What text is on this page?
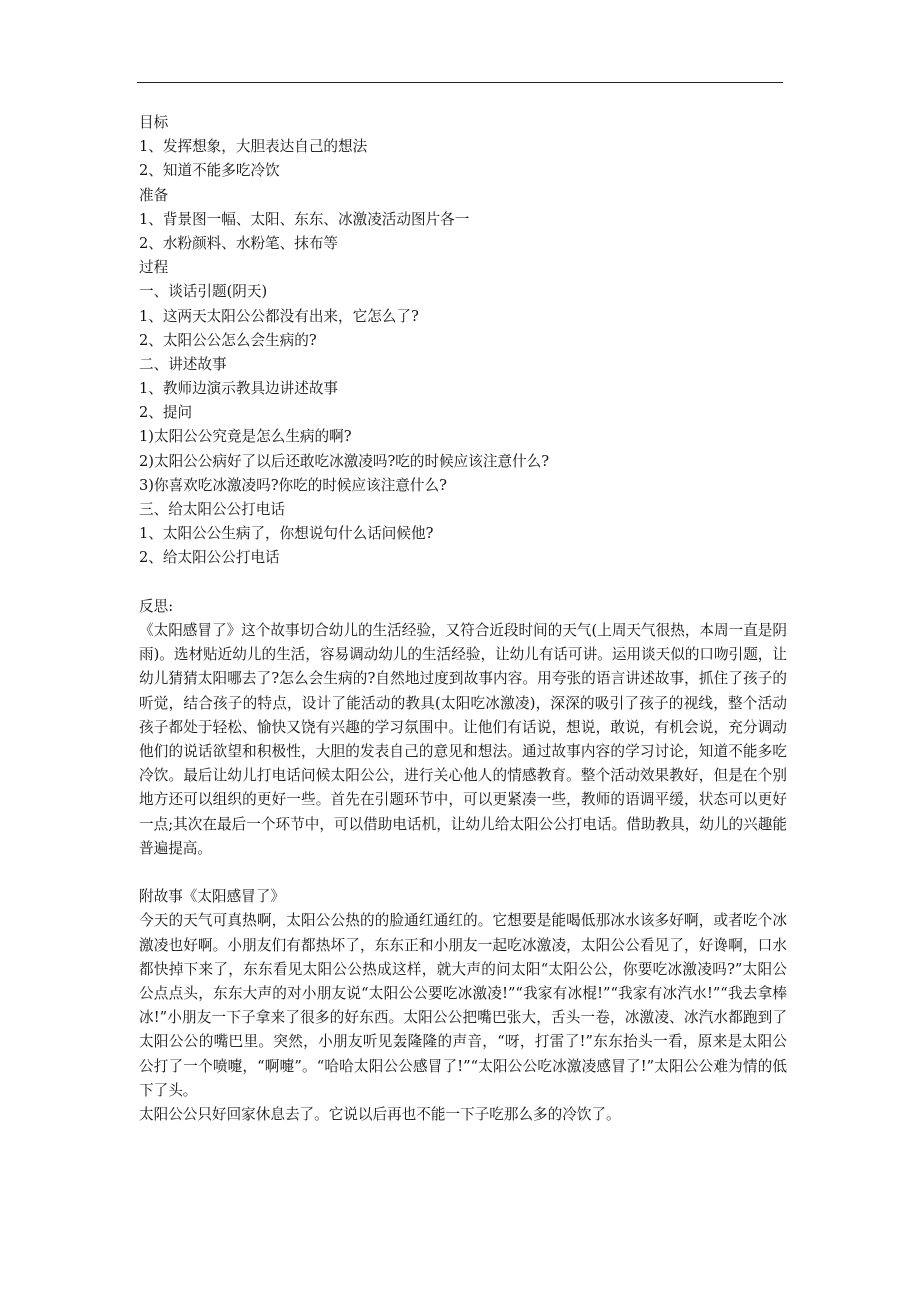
目标
1、发挥想象，大胆表达自己的想法
2、知道不能多吃冷饮
准备
1、背景图一幅、太阳、东东、冰激凌活动图片各一
2、水粉颜料、水粉笔、抹布等
过程
一、谈话引题(阴天)
1、这两天太阳公公都没有出来，它怎么了?
2、太阳公公怎么会生病的?
二、讲述故事
1、教师边演示教具边讲述故事
2、提问
1)太阳公公究竟是怎么生病的啊?
2)太阳公公病好了以后还敢吃冰激凌吗?吃的时候应该注意什么?
3)你喜欢吃冰激凌吗?你吃的时候应该注意什么?
三、给太阳公公打电话
1、太阳公公生病了，你想说句什么话问候他?
2、给太阳公公打电话
反思:

《太阳感冒了》这个故事切合幼儿的生活经验，又符合近段时间的天气(上周天气很热，本周一直是阴雨)。选材贴近幼儿的生活，容易调动幼儿的生活经验，让幼儿有话可讲。运用谈天似的口吻引题，让幼儿猜猜太阳哪去了?怎么会生病的?自然地过度到故事内容。用夸张的语言讲述故事，抓住了孩子的听觉，结合孩子的特点，设计了能活动的教具(太阳吃冰激凌)，深深的吸引了孩子的视线，整个活动孩子都处于轻松、愉快又饶有兴趣的学习氛围中。让他们有话说，想说，敢说，有机会说，充分调动他们的说话欲望和积极性，大胆的发表自己的意见和想法。通过故事内容的学习讨论，知道不能多吃冷饮。最后让幼儿打电话问候太阳公公，进行关心他人的情感教育。整个活动效果教好，但是在个别地方还可以组织的更好一些。首先在引题环节中，可以更紧凑一些，教师的语调平缓，状态可以更好一点;其次在最后一个环节中，可以借助电话机，让幼儿给太阳公公打电话。借助教具，幼儿的兴趣能普遍提高。

附故事《太阳感冒了》

今天的天气可真热啊，太阳公公热的的脸通红通红的。它想要是能喝低那冰水该多好啊，或者吃个冰激凌也好啊。小朋友们有都热坏了，东东正和小朋友一起吃冰激凌，太阳公公看见了，好谗啊，口水都快掉下来了，东东看见太阳公公热成这样，就大声的问太阳“太阳公公，你要吃冰激凌吗?”太阳公公点点头，东东大声的对小朋友说“太阳公公要吃冰激凌!”“我家有冰棍!”“我家有冰汽水!”“我去拿棒冰!”小朋友一下子拿来了很多的好东西。太阳公公把嘴巴张大，舌头一卷，冰激凌、冰汽水都跑到了太阳公公的嘴巴里。突然，小朋友听见轰隆隆的声音，“呀，打雷了!”东东抬头一看，原来是太阳公公打了一个喷嚏，“啊嚏”。“哈哈太阳公公感冒了!”“太阳公公吃冰激凌感冒了!”太阳公公难为情的低下了头。

太阳公公只好回家休息去了。它说以后再也不能一下子吃那么多的冷饮了。
